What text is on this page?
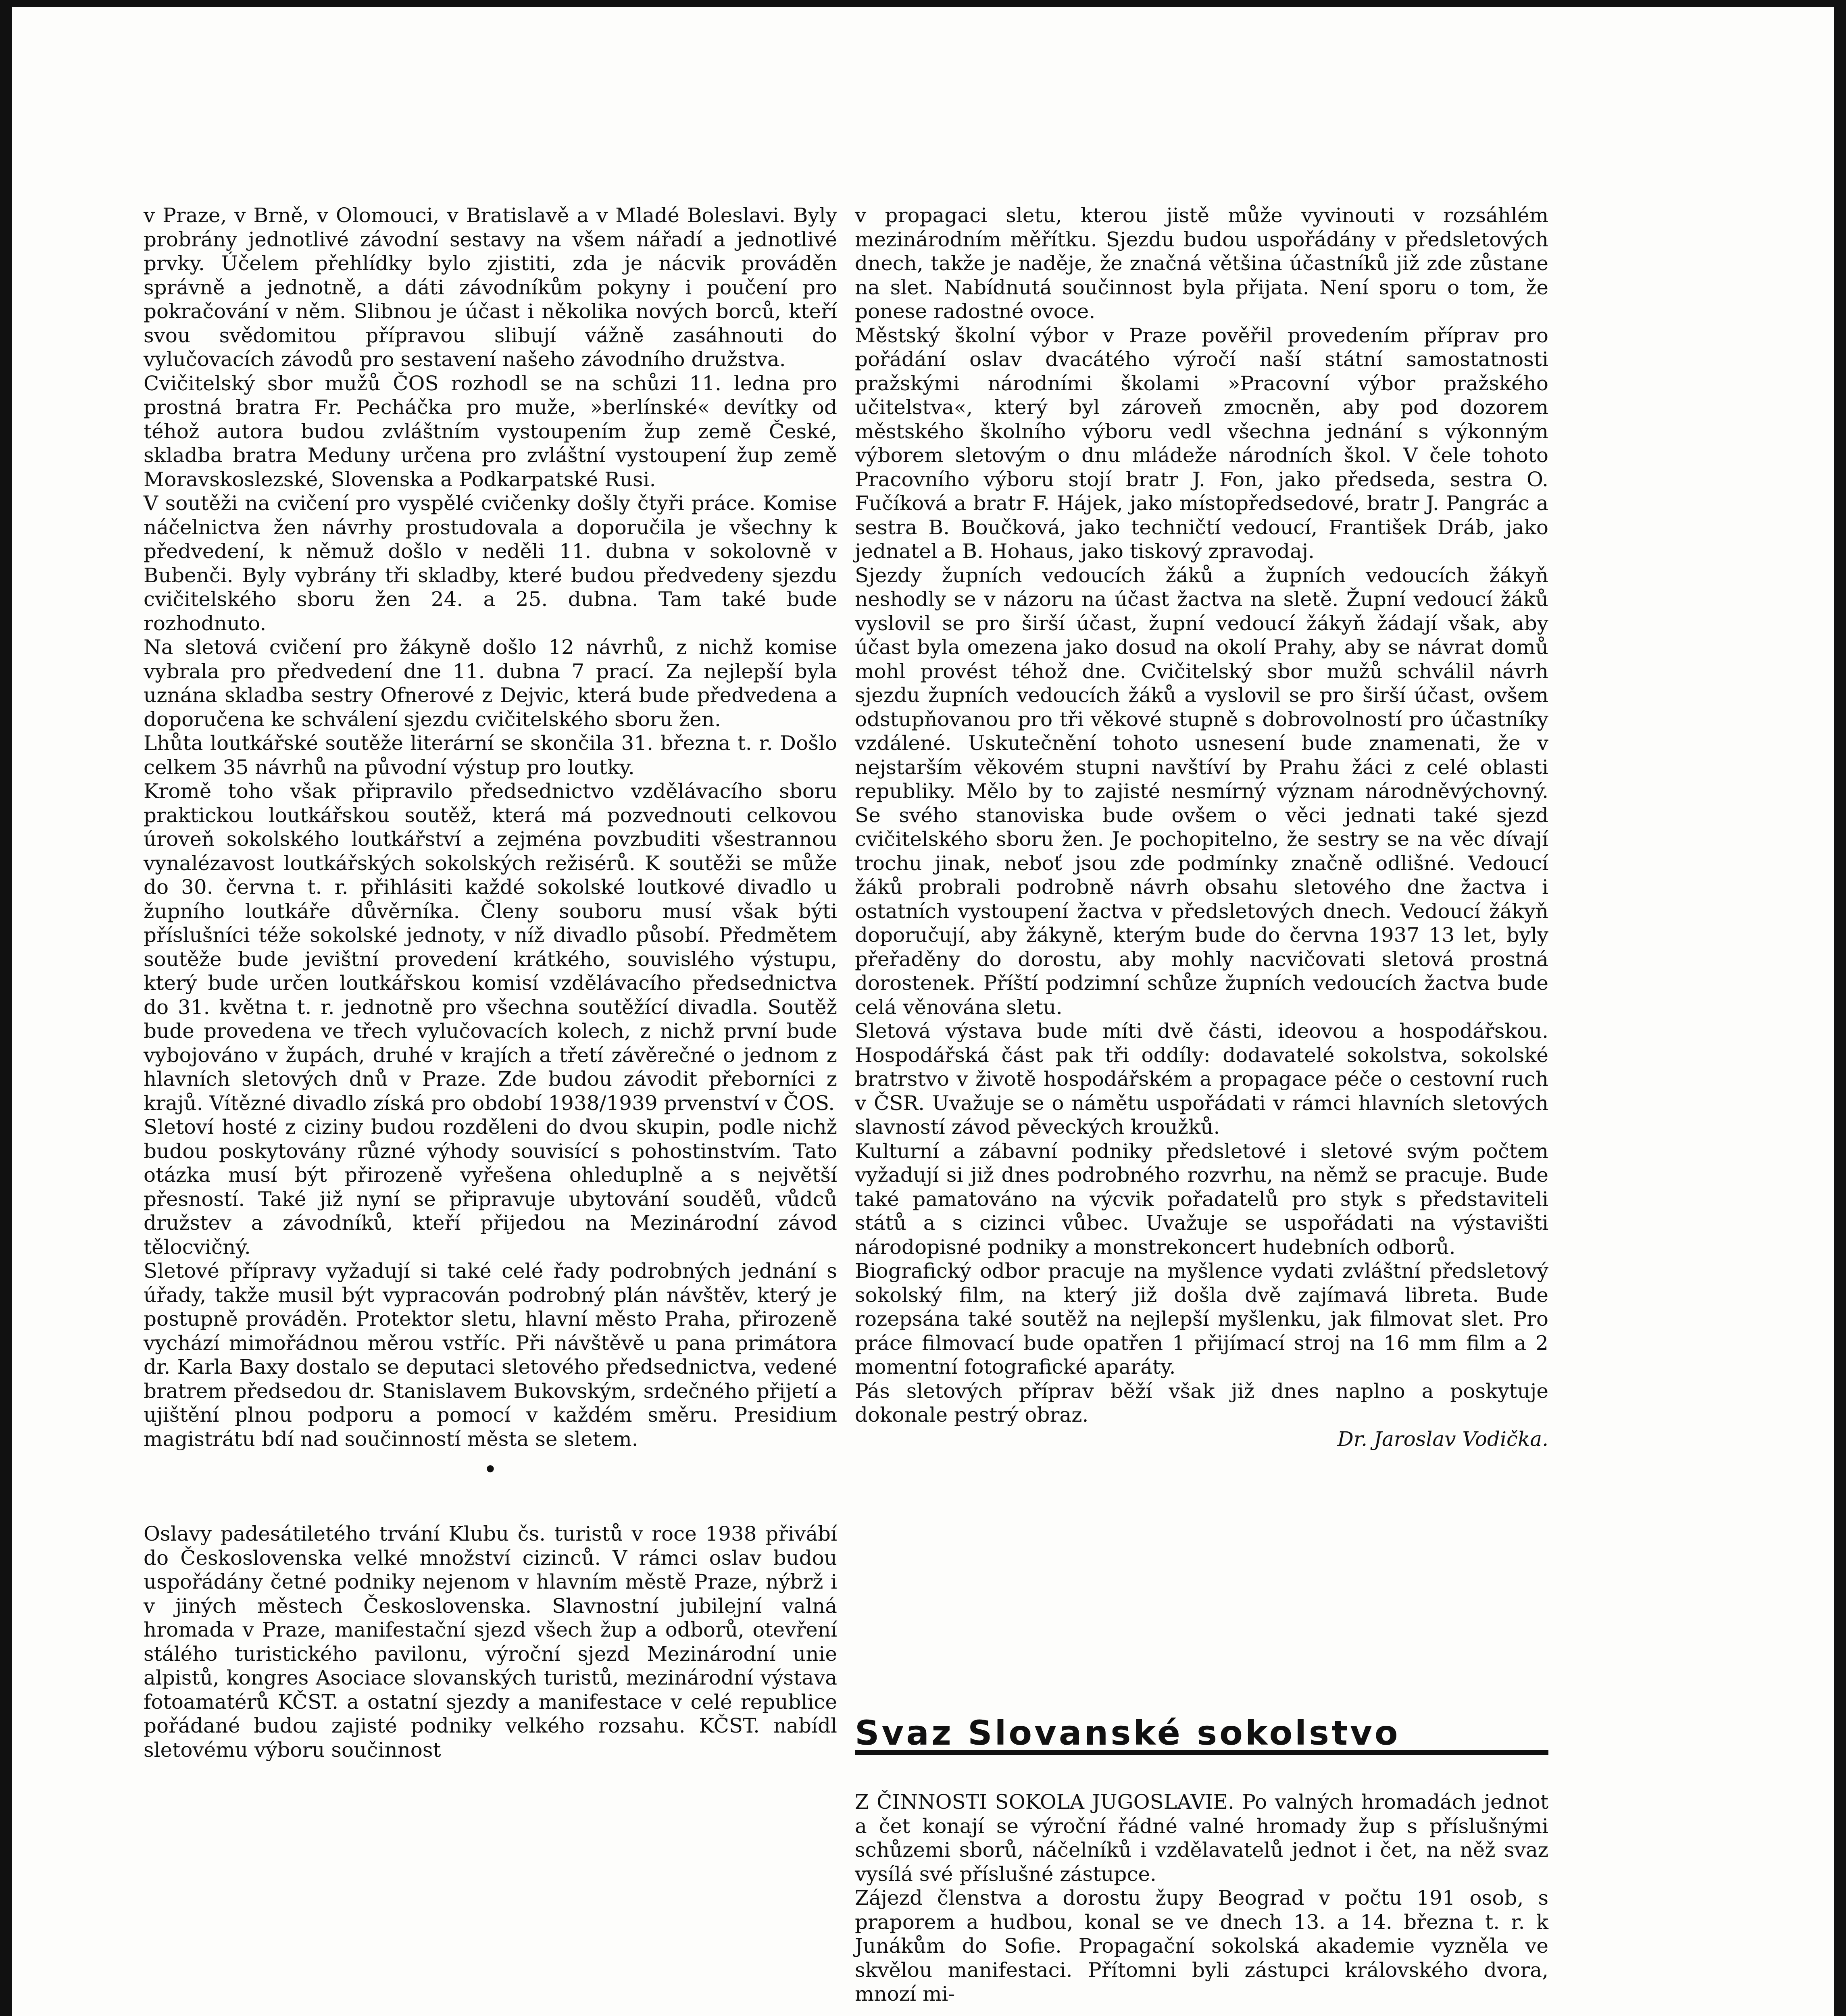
v Praze, v Brně, v Olomouci, v Bratislavě a v Mladé Boleslavi. Byly probrány jednotlivé závodní sestavy na všem nářadí a jednotlivé prvky. Účelem přehlídky bylo zjistiti, zda je nácvik prováděn správně a jednotně, a dáti závodníkům pokyny i poučení pro pokračování v něm. Slibnou je účast i několika nových borců, kteří svou svědomitou přípravou slibují vážně zasáhnouti do vylučovacích závodů pro sestavení našeho závodního družstva.

Cvičitelský sbor mužů ČOS rozhodl se na schůzi 11. ledna pro prostná bratra Fr. Pecháčka pro muže, »berlínské« devítky od téhož autora budou zvláštním vystoupením žup země České, skladba bratra Meduny určena pro zvláštní vystoupení žup země Moravskoslezské, Slovenska a Podkarpatské Rusi.

V soutěži na cvičení pro vyspělé cvičenky došly čtyři práce. Komise náčelnictva žen návrhy prostudovala a doporučila je všechny k předvedení, k němuž došlo v neděli 11. dubna v sokolovně v Bubenči. Byly vybrány tři skladby, které budou předvedeny sjezdu cvičitelského sboru žen 24. a 25. dubna. Tam také bude rozhodnuto.

Na sletová cvičení pro žákyně došlo 12 návrhů, z nichž komise vybrala pro předvedení dne 11. dubna 7 prací. Za nejlepší byla uznána skladba sestry Ofnerové z Dejvic, která bude předvedena a doporučena ke schválení sjezdu cvičitelského sboru žen.

Lhůta loutkářské soutěže literární se skončila 31. března t. r. Došlo celkem 35 návrhů na původní výstup pro loutky.

Kromě toho však připravilo předsednictvo vzdělávacího sboru praktickou loutkářskou soutěž, která má pozvednouti celkovou úroveň sokolského loutkářství a zejména povzbuditi všestrannou vynalézavost loutkářských sokolských režisérů. K soutěži se může do 30. června t. r. přihlásiti každé sokolské loutkové divadlo u župního loutkáře důvěrníka. Členy souboru musí však býti příslušníci téže sokolské jednoty, v níž divadlo působí. Předmětem soutěže bude jevištní provedení krátkého, souvislého výstupu, který bude určen loutkářskou komisí vzdělávacího předsednictva do 31. května t. r. jednotně pro všechna soutěžící divadla. Soutěž bude provedena ve třech vylučovacích kolech, z nichž první bude vybojováno v župách, druhé v krajích a třetí závěrečné o jednom z hlavních sletových dnů v Praze. Zde budou závodit přeborníci z krajů. Vítězné divadlo získá pro období 1938/1939 prvenství v ČOS.

Sletoví hosté z ciziny budou rozděleni do dvou skupin, podle nichž budou poskytovány různé výhody souvisící s pohostinstvím. Tato otázka musí být přirozeně vyřešena ohleduplně a s největší přesností. Také již nyní se připravuje ubytování souděů, vůdců družstev a závodníků, kteří přijedou na Mezinárodní závod tělocvičný.

Sletové přípravy vyžadují si také celé řady podrobných jednání s úřady, takže musil být vypracován podrobný plán návštěv, který je postupně prováděn. Protektor sletu, hlavní město Praha, přirozeně vychází mimořádnou měrou vstříc. Při návštěvě u pana primátora dr. Karla Baxy dostalo se deputaci sletového předsednictva, vedené bratrem předsedou dr. Stanislavem Bukovským, srdečného přijetí a ujištění plnou podporu a pomocí v každém směru. Presidium magistrátu bdí nad součinností města se sletem.

•

Oslavy padesátiletého trvání Klubu čs. turistů v roce 1938 přivábí do Československa velké množství cizinců. V rámci oslav budou uspořádány četné podniky nejenom v hlavním městě Praze, nýbrž i v jiných městech Československa. Slavnostní jubilejní valná hromada v Praze, manifestační sjezd všech žup a odborů, otevření stálého turistického pavilonu, výroční sjezd Mezinárodní unie alpistů, kongres Asociace slovanských turistů, mezinárodní výstava fotoamatérů KČST. a ostatní sjezdy a manifestace v celé republice pořádané budou zajisté podniky velkého rozsahu. KČST. nabídl sletovému výboru součinnost

v propagaci sletu, kterou jistě může vyvinouti v rozsáhlém mezinárodním měřítku. Sjezdu budou uspořádány v předsletových dnech, takže je naděje, že značná většina účastníků již zde zůstane na slet. Nabídnutá součinnost byla přijata. Není sporu o tom, že ponese radostné ovoce.

Městský školní výbor v Praze pověřil provedením příprav pro pořádání oslav dvacátého výročí naší státní samostatnosti pražskými národními školami »Pracovní výbor pražského učitelstva«, který byl zároveň zmocněn, aby pod dozorem městského školního výboru vedl všechna jednání s výkonným výborem sletovým o dnu mládeže národních škol. V čele tohoto Pracovního výboru stojí bratr J. Fon, jako předseda, sestra O. Fučíková a bratr F. Hájek, jako místopředsedové, bratr J. Pangrác a sestra B. Boučková, jako techničtí vedoucí, František Dráb, jako jednatel a B. Hohaus, jako tiskový zpravodaj.

Sjezdy župních vedoucích žáků a župních vedoucích žákyň neshodly se v názoru na účast žactva na sletě. Župní vedoucí žáků vyslovil se pro širší účast, župní vedoucí žákyň žádají však, aby účast byla omezena jako dosud na okolí Prahy, aby se návrat domů mohl provést téhož dne. Cvičitelský sbor mužů schválil návrh sjezdu župních vedoucích žáků a vyslovil se pro širší účast, ovšem odstupňovanou pro tři věkové stupně s dobrovolností pro účastníky vzdálené. Uskutečnění tohoto usnesení bude znamenati, že v nejstarším věkovém stupni navštíví by Prahu žáci z celé oblasti republiky. Mělo by to zajisté nesmírný význam národněvýchovný. Se svého stanoviska bude ovšem o věci jednati také sjezd cvičitelského sboru žen. Je pochopitelno, že sestry se na věc dívají trochu jinak, neboť jsou zde podmínky značně odlišné. Vedoucí žáků probrali podrobně návrh obsahu sletového dne žactva i ostatních vystoupení žactva v předsletových dnech. Vedoucí žákyň doporučují, aby žákyně, kterým bude do června 1937 13 let, byly přeřaděny do dorostu, aby mohly nacvičovati sletová prostná dorostenek. Příští podzimní schůze župních vedoucích žactva bude celá věnována sletu.

Sletová výstava bude míti dvě části, ideovou a hospodářskou. Hospodářská část pak tři oddíly: dodavatelé sokolstva, sokolské bratrstvo v životě hospodářském a propagace péče o cestovní ruch v ČSR. Uvažuje se o námětu uspořádati v rámci hlavních sletových slavností závod pěveckých kroužků.

Kulturní a zábavní podniky předsletové i sletové svým počtem vyžadují si již dnes podrobného rozvrhu, na němž se pracuje. Bude také pamatováno na výcvik pořadatelů pro styk s představiteli států a s cizinci vůbec. Uvažuje se uspořádati na výstavišti národopisné podniky a monstrekoncert hudebních odborů.

Biografický odbor pracuje na myšlence vydati zvláštní předsletový sokolský film, na který již došla dvě zajímavá libreta. Bude rozepsána také soutěž na nejlepší myšlenku, jak filmovat slet. Pro práce filmovací bude opatřen 1 přijímací stroj na 16 mm film a 2 momentní fotografické aparáty.

Pás sletových příprav běží však již dnes naplno a poskytuje dokonale pestrý obraz.

Dr. Jaroslav Vodička.

Svaz Slovanské sokolstvo

Z ČINNOSTI SOKOLA JUGOSLAVIE. Po valných hromadách jednot a čet konají se výroční řádné valné hromady žup s příslušnými schůzemi sborů, náčelníků i vzdělavatelů jednot i čet, na něž svaz vysílá své příslušné zástupce.

Zájezd členstva a dorostu župy Beograd v počtu 191 osob, s praporem a hudbou, konal se ve dnech 13. a 14. března t. r. k Junákům do Sofie. Propagační sokolská akademie vyzněla ve skvělou manifestaci. Přítomni byli zástupci královského dvora, mnozí mi-
